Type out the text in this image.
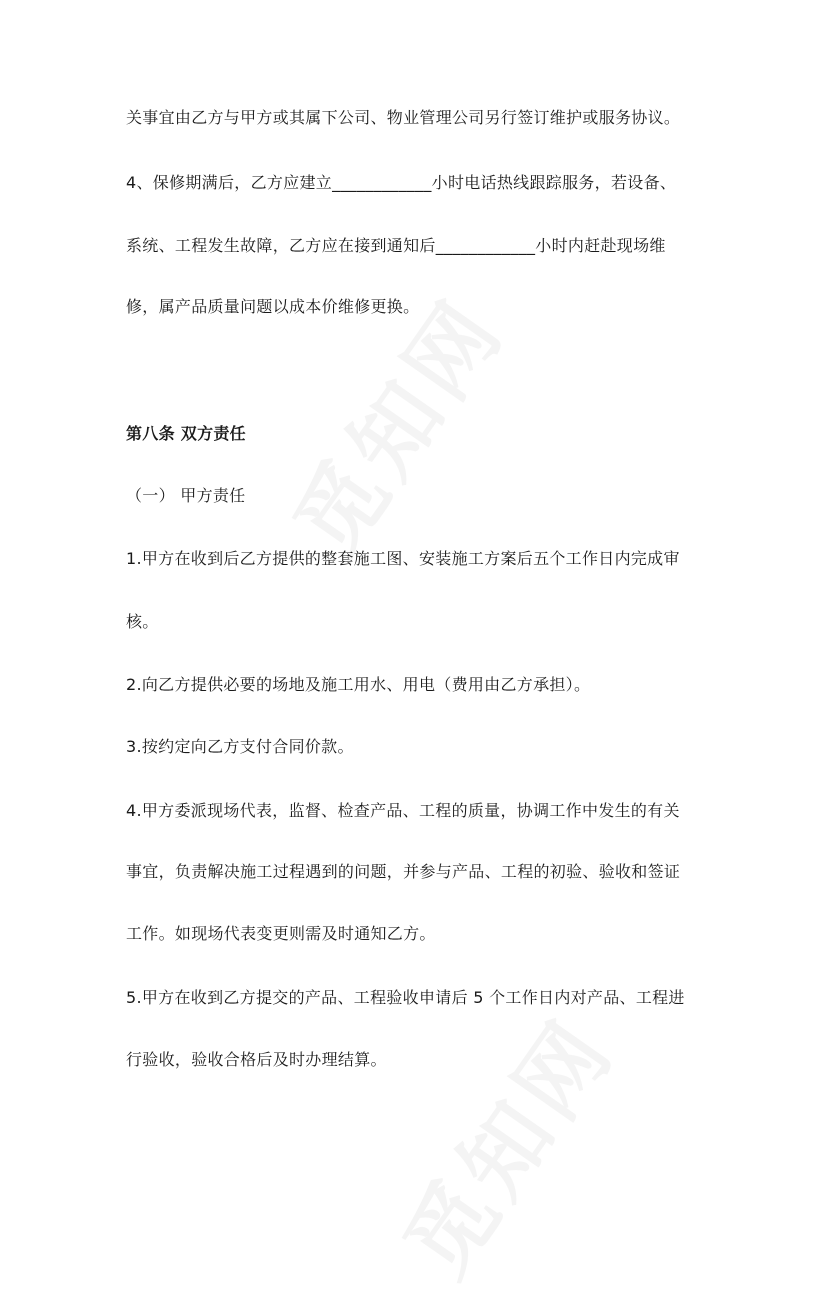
关事宜由乙方与甲方或其属下公司、物业管理公司另行签订维护或服务协议。
4、保修期满后，乙方应建立____________小时电话热线跟踪服务，若设备、
系统、工程发生故障，乙方应在接到通知后____________小时内赶赴现场维
修，属产品质量问题以成本价维修更换。
第八条 双方责任
（一） 甲方责任
1.甲方在收到后乙方提供的整套施工图、安装施工方案后五个工作日内完成审
核。
2.向乙方提供必要的场地及施工用水、用电（费用由乙方承担）。
3.按约定向乙方支付合同价款。
4.甲方委派现场代表，监督、检查产品、工程的质量，协调工作中发生的有关
事宜，负责解决施工过程遇到的问题，并参与产品、工程的初验、验收和签证
工作。如现场代表变更则需及时通知乙方。
5.甲方在收到乙方提交的产品、工程验收申请后 5 个工作日内对产品、工程进
行验收，验收合格后及时办理结算。
